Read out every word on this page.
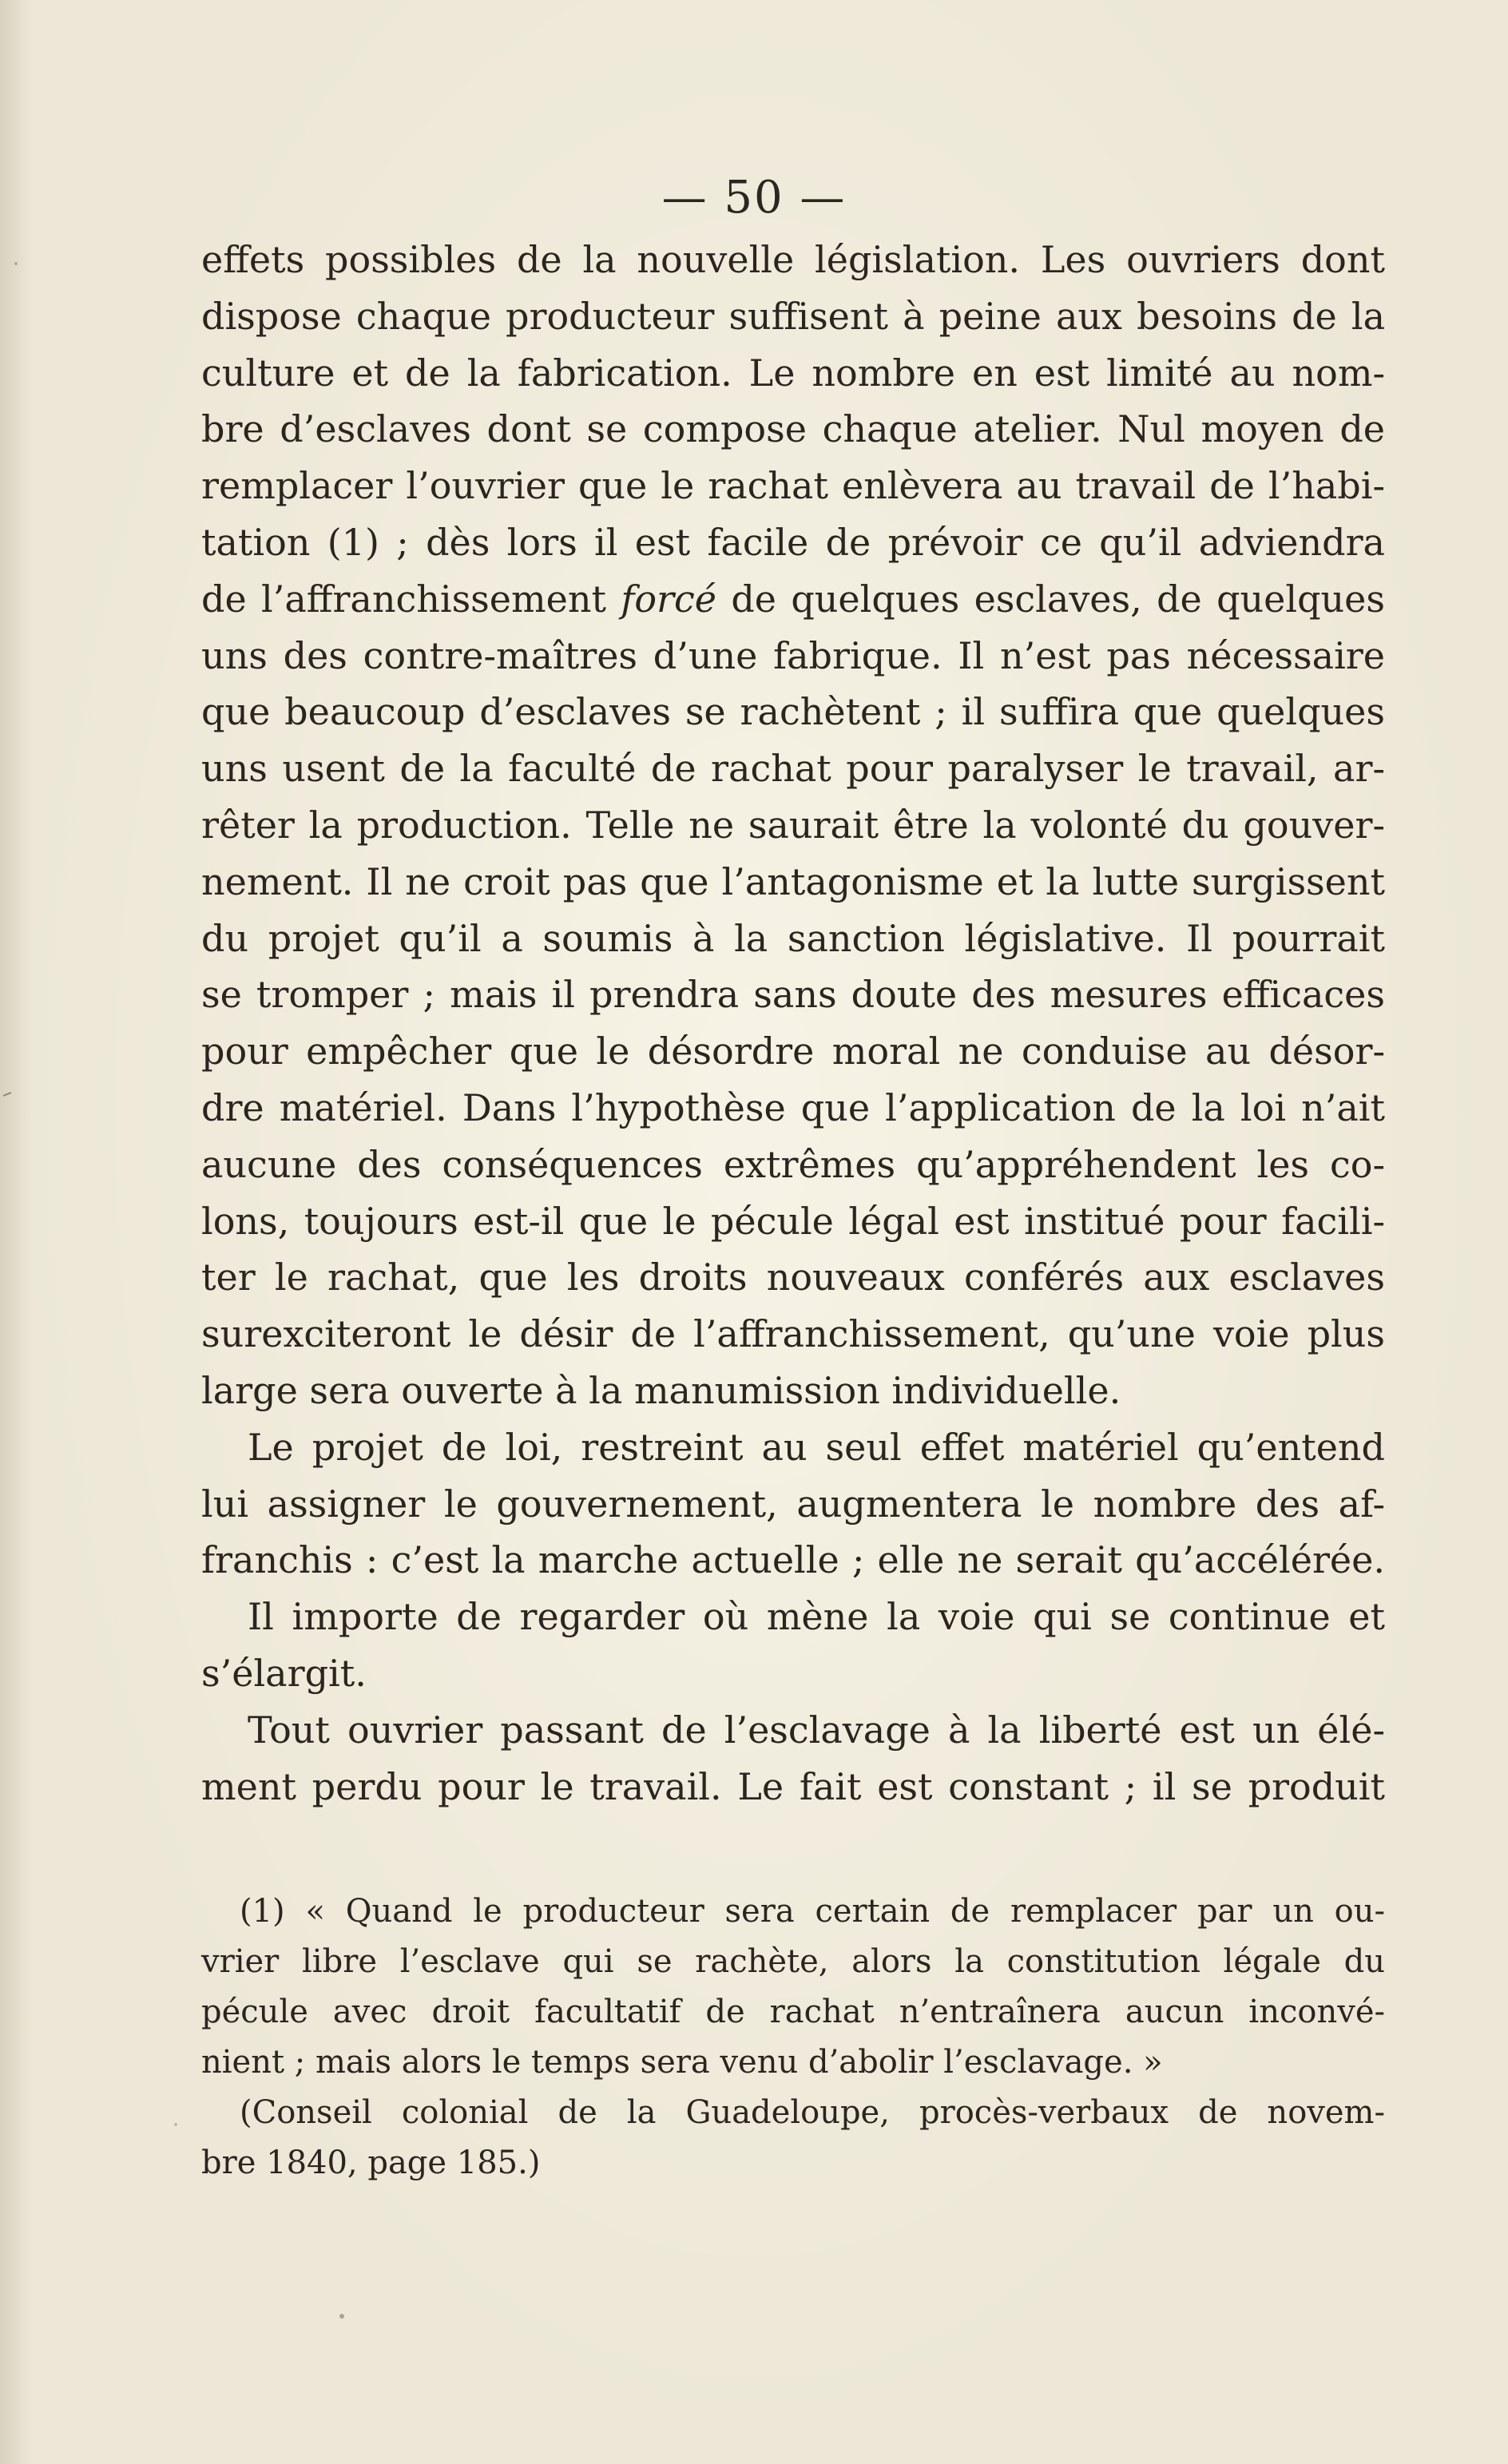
— 50 —
effets possibles de la nouvelle législation. Les ouvriers dont
dispose chaque producteur suffisent à peine aux besoins de la
culture et de la fabrication. Le nombre en est limité au nom-
bre d’esclaves dont se compose chaque atelier. Nul moyen de
remplacer l’ouvrier que le rachat enlèvera au travail de l’habi-
tation (1) ; dès lors il est facile de prévoir ce qu’il adviendra
de l’affranchissement forcé de quelques esclaves, de quelques
uns des contre-maîtres d’une fabrique. Il n’est pas nécessaire
que beaucoup d’esclaves se rachètent ; il suffira que quelques
uns usent de la faculté de rachat pour paralyser le travail, ar-
rêter la production. Telle ne saurait être la volonté du gouver-
nement. Il ne croit pas que l’antagonisme et la lutte surgissent
du projet qu’il a soumis à la sanction législative. Il pourrait
se tromper ; mais il prendra sans doute des mesures efficaces
pour empêcher que le désordre moral ne conduise au désor-
dre matériel. Dans l’hypothèse que l’application de la loi n’ait
aucune des conséquences extrêmes qu’appréhendent les co-
lons, toujours est-il que le pécule légal est institué pour facili-
ter le rachat, que les droits nouveaux conférés aux esclaves
surexciteront le désir de l’affranchissement, qu’une voie plus
large sera ouverte à la manumission individuelle.
Le projet de loi, restreint au seul effet matériel qu’entend
lui assigner le gouvernement, augmentera le nombre des af-
franchis : c’est la marche actuelle ; elle ne serait qu’accélérée.
Il importe de regarder où mène la voie qui se continue et
s’élargit.
Tout ouvrier passant de l’esclavage à la liberté est un élé-
ment perdu pour le travail. Le fait est constant ; il se produit
(1) « Quand le producteur sera certain de remplacer par un ou-
vrier libre l’esclave qui se rachète, alors la constitution légale du
pécule avec droit facultatif de rachat n’entraînera aucun inconvé-
nient ; mais alors le temps sera venu d’abolir l’esclavage. »
(Conseil colonial de la Guadeloupe, procès-verbaux de novem-
bre 1840, page 185.)
